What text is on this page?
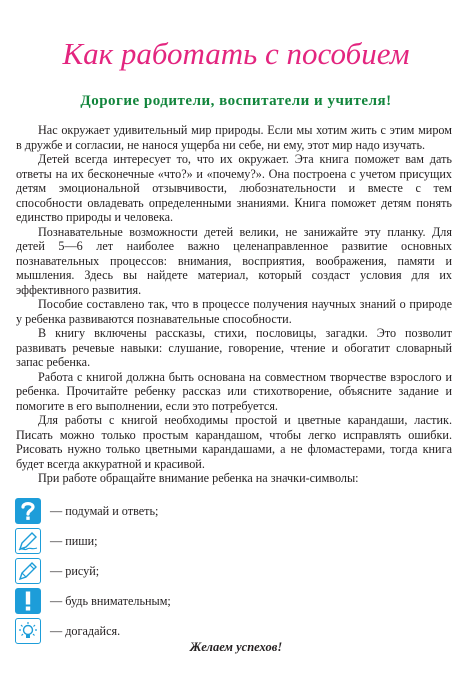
Как работать с пособием
Дорогие родители, воспитатели и учителя!

Нас окружает удивительный мир природы. Если мы хотим жить с этим миром в дружбе и согласии, не нанося ущерба ни себе, ни ему, этот мир надо изучать.

Детей всегда интересует то, что их окружает. Эта книга поможет вам дать ответы на их бесконечные «что?» и «почему?». Она построена с учетом присущих детям эмоциональной отзывчивости, любознательности и вместе с тем способности овладевать определенными знаниями. Книга поможет детям понять единство природы и человека.

Познавательные возможности детей велики, не занижайте эту планку. Для детей 5—6 лет наиболее важно целенаправленное развитие основных познавательных процессов: внимания, восприятия, воображения, памяти и мышления. Здесь вы найдете материал, который создаст условия для их эффективного развития.

Пособие составлено так, что в процессе получения научных знаний о природе у ребенка развиваются познавательные способности.

В книгу включены рассказы, стихи, пословицы, загадки. Это позволит развивать речевые навыки: слушание, говорение, чтение и обогатит словарный запас ребенка.

Работа с книгой должна быть основана на совместном творчестве взрослого и ребенка. Прочитайте ребенку рассказ или стихотворение, объясните задание и помогите в его выполнении, если это потребуется.

Для работы с книгой необходимы простой и цветные карандаши, ластик. Писать можно только простым карандашом, чтобы легко исправлять ошибки. Рисовать нужно только цветными карандашами, а не фломастерами, тогда книга будет всегда аккуратной и красивой.

При работе обращайте внимание ребенка на значки-символы:

— подумай и ответь;
— пиши;
— рисуй;
— будь внимательным;
— догадайся.
Желаем успехов!
